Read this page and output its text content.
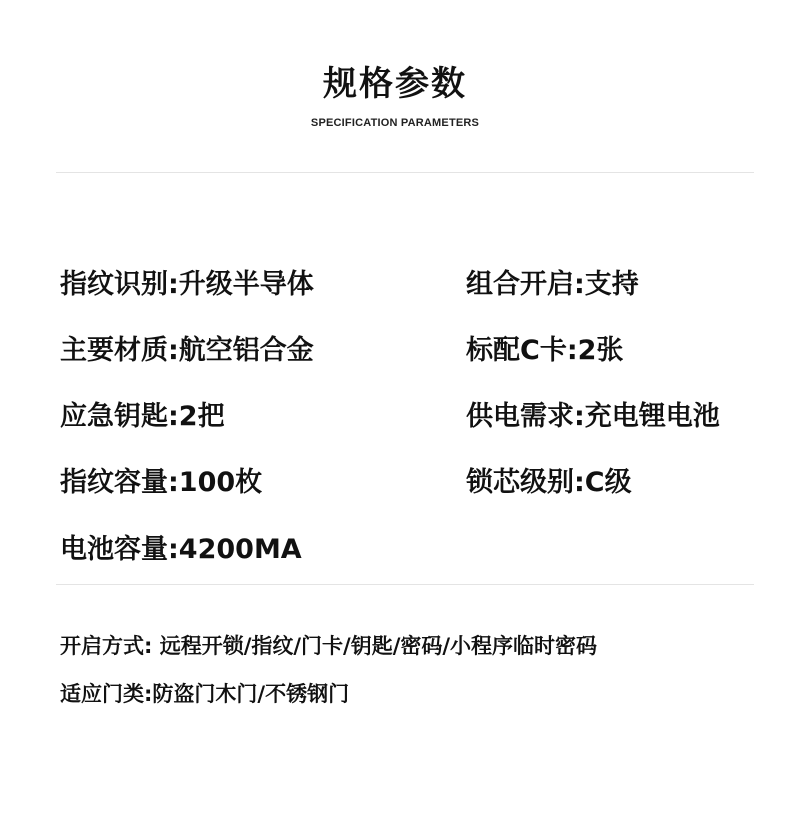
规格参数
SPECIFICATION PARAMETERS
指纹识别:升级半导体
主要材质:航空铝合金
应急钥匙:2把
指纹容量:100枚
电池容量:4200MA
组合开启:支持
标配C卡:2张
供电需求:充电锂电池
锁芯级别:C级
开启方式: 远程开锁/指纹/门卡/钥匙/密码/小程序临时密码
适应门类:防盗门木门/不锈钢门
